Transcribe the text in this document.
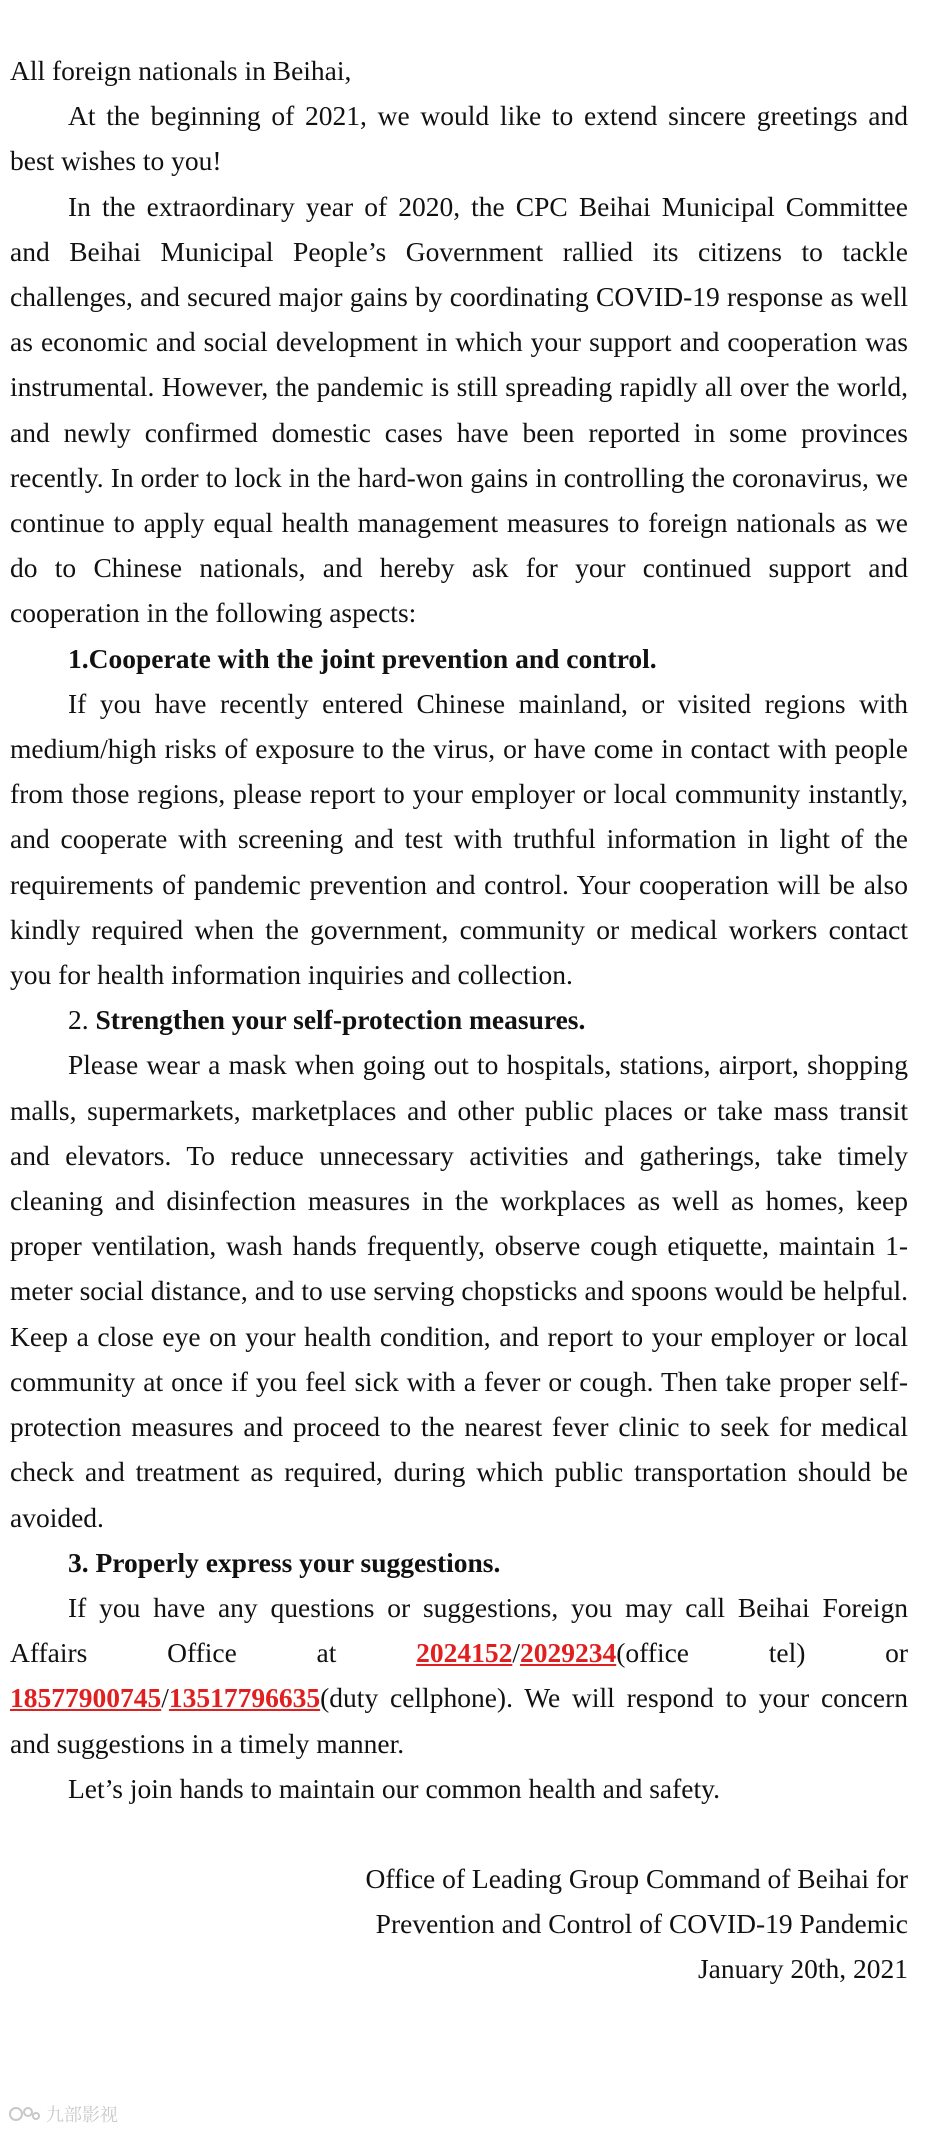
All foreign nationals in Beihai,

At the beginning of 2021, we would like to extend sincere greetings and best wishes to you!

In the extraordinary year of 2020, the CPC Beihai Municipal Committee and Beihai Municipal People’s Government rallied its citizens to tackle challenges, and secured major gains by coordinating COVID-19 response as well as economic and social development in which your support and cooperation was instrumental. However, the pandemic is still spreading rapidly all over the world, and newly confirmed domestic cases have been reported in some provinces recently. In order to lock in the hard-won gains in controlling the coronavirus, we continue to apply equal health management measures to foreign nationals as we do to Chinese nationals, and hereby ask for your continued support and cooperation in the following aspects:

1.Cooperate with the joint prevention and control.

If you have recently entered Chinese mainland, or visited regions with medium/high risks of exposure to the virus, or have come in contact with people from those regions, please report to your employer or local community instantly, and cooperate with screening and test with truthful information in light of the requirements of pandemic prevention and control. Your cooperation will be also kindly required when the government, community or medical workers contact you for health information inquiries and collection.

2. Strengthen your self-protection measures.

Please wear a mask when going out to hospitals, stations, airport, shopping malls, supermarkets, marketplaces and other public places or take mass transit and elevators. To reduce unnecessary activities and gatherings, take timely cleaning and disinfection measures in the workplaces as well as homes, keep proper ventilation, wash hands frequently, observe cough etiquette, maintain 1-meter social distance, and to use serving chopsticks and spoons would be helpful. Keep a close eye on your health condition, and report to your employer or local community at once if you feel sick with a fever or cough. Then take proper self-protection measures and proceed to the nearest fever clinic to seek for medical check and treatment as required, during which public transportation should be avoided.

3. Properly express your suggestions.

If you have any questions or suggestions, you may call Beihai Foreign Affairs Office at 2024152/2029234(office tel) or 18577900745/13517796635(duty cellphone). We will respond to your concern and suggestions in a timely manner.

Let’s join hands to maintain our common health and safety.

Office of Leading Group Command of Beihai for
Prevention and Control of COVID-19 Pandemic
January 20th, 2021
九部影视
